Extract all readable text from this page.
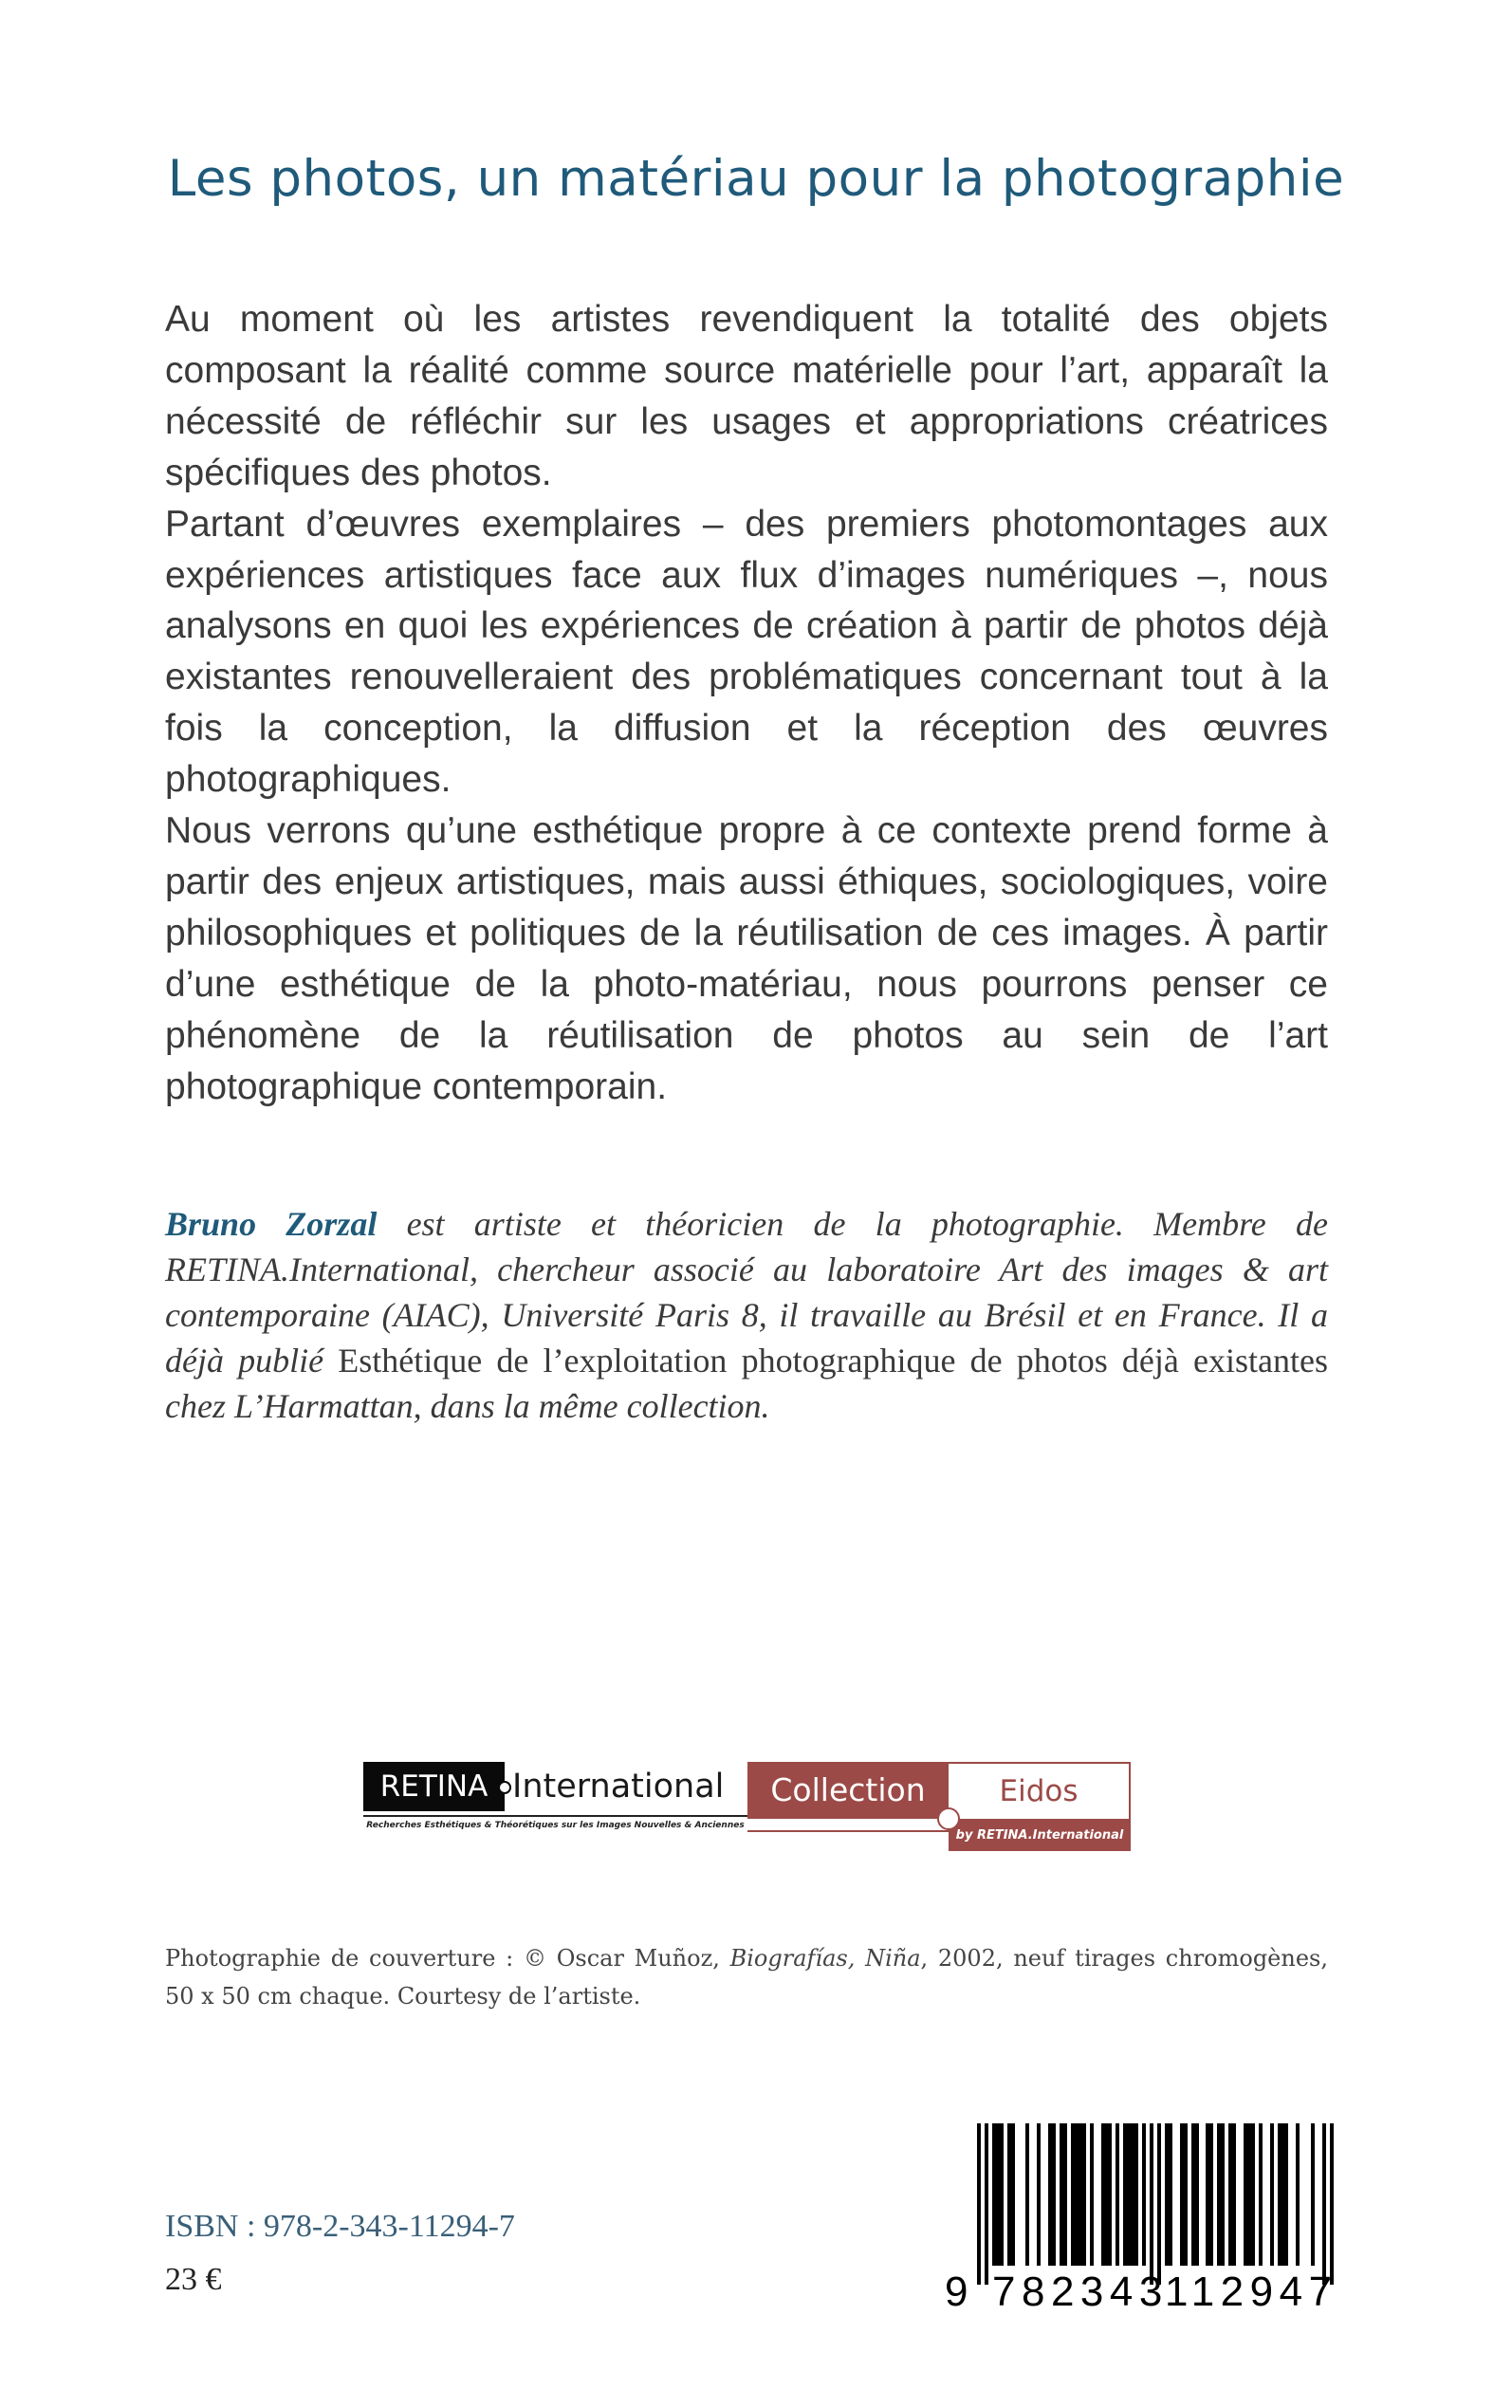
Les photos, un matériau pour la photographie

Au moment où les artistes revendiquent la totalité des objets composant la réalité comme source matérielle pour l’art, apparaît la nécessité de réfléchir sur les usages et appropriations créatrices spécifiques des photos.

Partant d’œuvres exemplaires – des premiers photomontages aux expériences artistiques face aux flux d’images numériques –, nous analysons en quoi les expériences de création à partir de photos déjà existantes renouvelleraient des problématiques concernant tout à la fois la conception, la diffusion et la réception des œuvres photographiques.

Nous verrons qu’une esthétique propre à ce contexte prend forme à partir des enjeux artistiques, mais aussi éthiques, sociologiques, voire philosophiques et politiques de la réutilisation de ces images. À partir d’une esthétique de la photo-matériau, nous pourrons penser ce phénomène de la réutilisation de photos au sein de l’art photographique contemporain.

Bruno Zorzal est artiste et théoricien de la photographie. Membre de RETINA.International, chercheur associé au laboratoire Art des images & art contemporaine (AIAC), Université Paris 8, il travaille au Brésil et en France. Il a déjà publié Esthétique de l’exploitation photographique de photos déjà existantes chez L’Harmattan, dans la même collection.
RETINA International
Recherches Esthétiques & Théorétiques sur les Images Nouvelles & Anciennes
Collection	Eidos
by RETINA.International
Photographie de couverture : © Oscar Muñoz, Biografías, Niña, 2002, neuf tirages chromogènes, 50 x 50 cm chaque. Courtesy de l’artiste.
ISBN : 978-2-343-11294-7
23 €	9 782343
112947
